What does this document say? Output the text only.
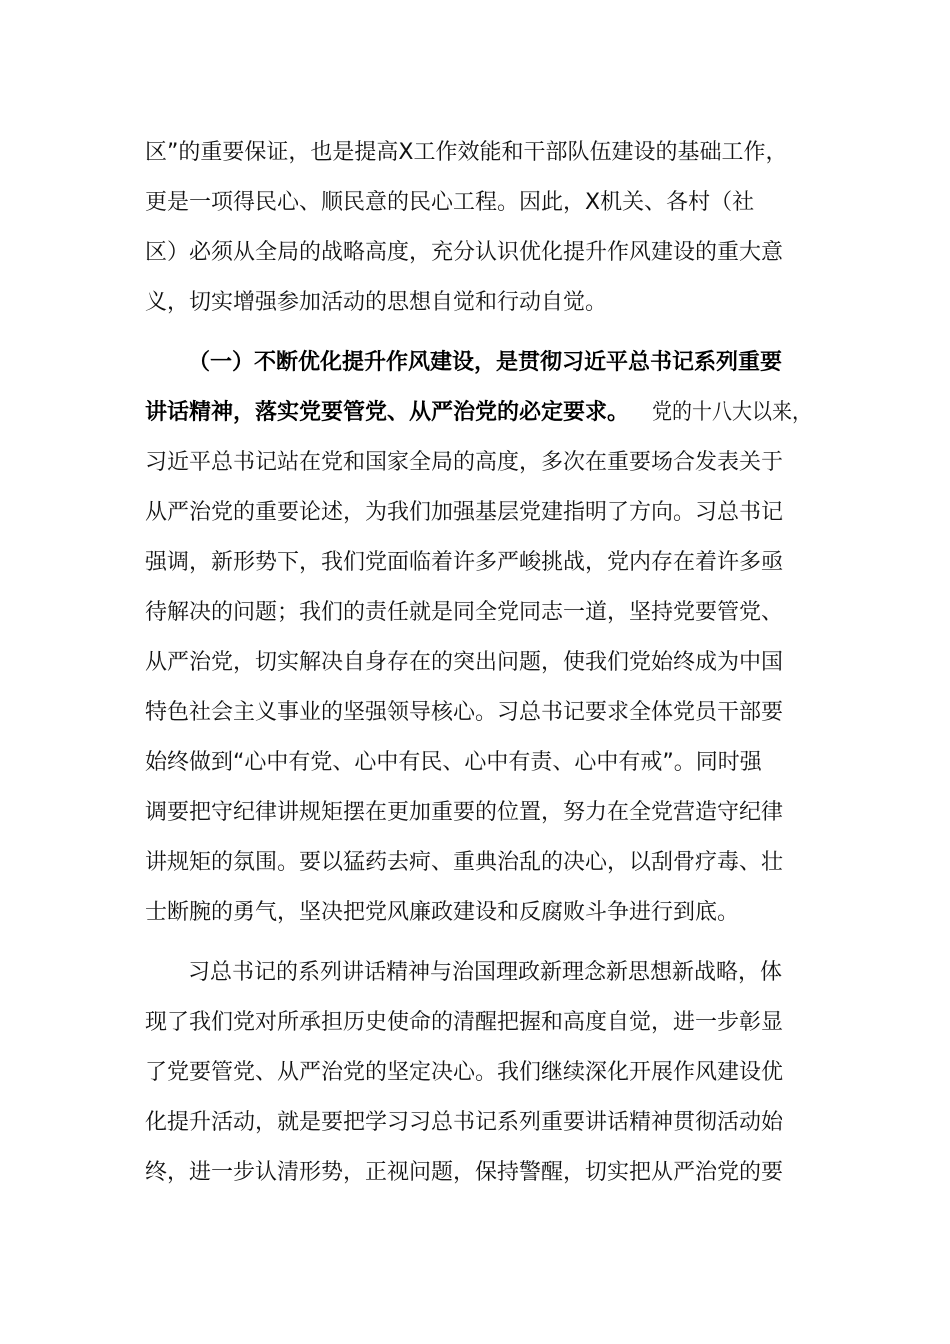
区”的重要保证，也是提高Ⅹ工作效能和干部队伍建设的基础工作，
更是一项得民心、顺民意的民心工程。因此，Ⅹ机关、各村（社
区）必须从全局的战略高度，充分认识优化提升作风建设的重大意
义，切实增强参加活动的思想自觉和行动自觉。
（一）不断优化提升作风建设，是贯彻习近平总书记系列重要
讲话精神，落实党要管党、从严治党的必定要求。 党的十八大以来，
习近平总书记站在党和国家全局的高度，多次在重要场合发表关于
从严治党的重要论述，为我们加强基层党建指明了方向。习总书记
强调，新形势下，我们党面临着许多严峻挑战，党内存在着许多亟
待解决的问题；我们的责任就是同全党同志一道，坚持党要管党、
从严治党，切实解决自身存在的突出问题，使我们党始终成为中国
特色社会主义事业的坚强领导核心。习总书记要求全体党员干部要
始终做到“心中有党、心中有民、心中有责、心中有戒”。同时强
调要把守纪律讲规矩摆在更加重要的位置，努力在全党营造守纪律
讲规矩的氛围。要以猛药去疴、重典治乱的决心，以刮骨疗毒、壮
士断腕的勇气，坚决把党风廉政建设和反腐败斗争进行到底。
习总书记的系列讲话精神与治国理政新理念新思想新战略，体
现了我们党对所承担历史使命的清醒把握和高度自觉，进一步彰显
了党要管党、从严治党的坚定决心。我们继续深化开展作风建设优
化提升活动，就是要把学习习总书记系列重要讲话精神贯彻活动始
终，进一步认清形势，正视问题，保持警醒，切实把从严治党的要
